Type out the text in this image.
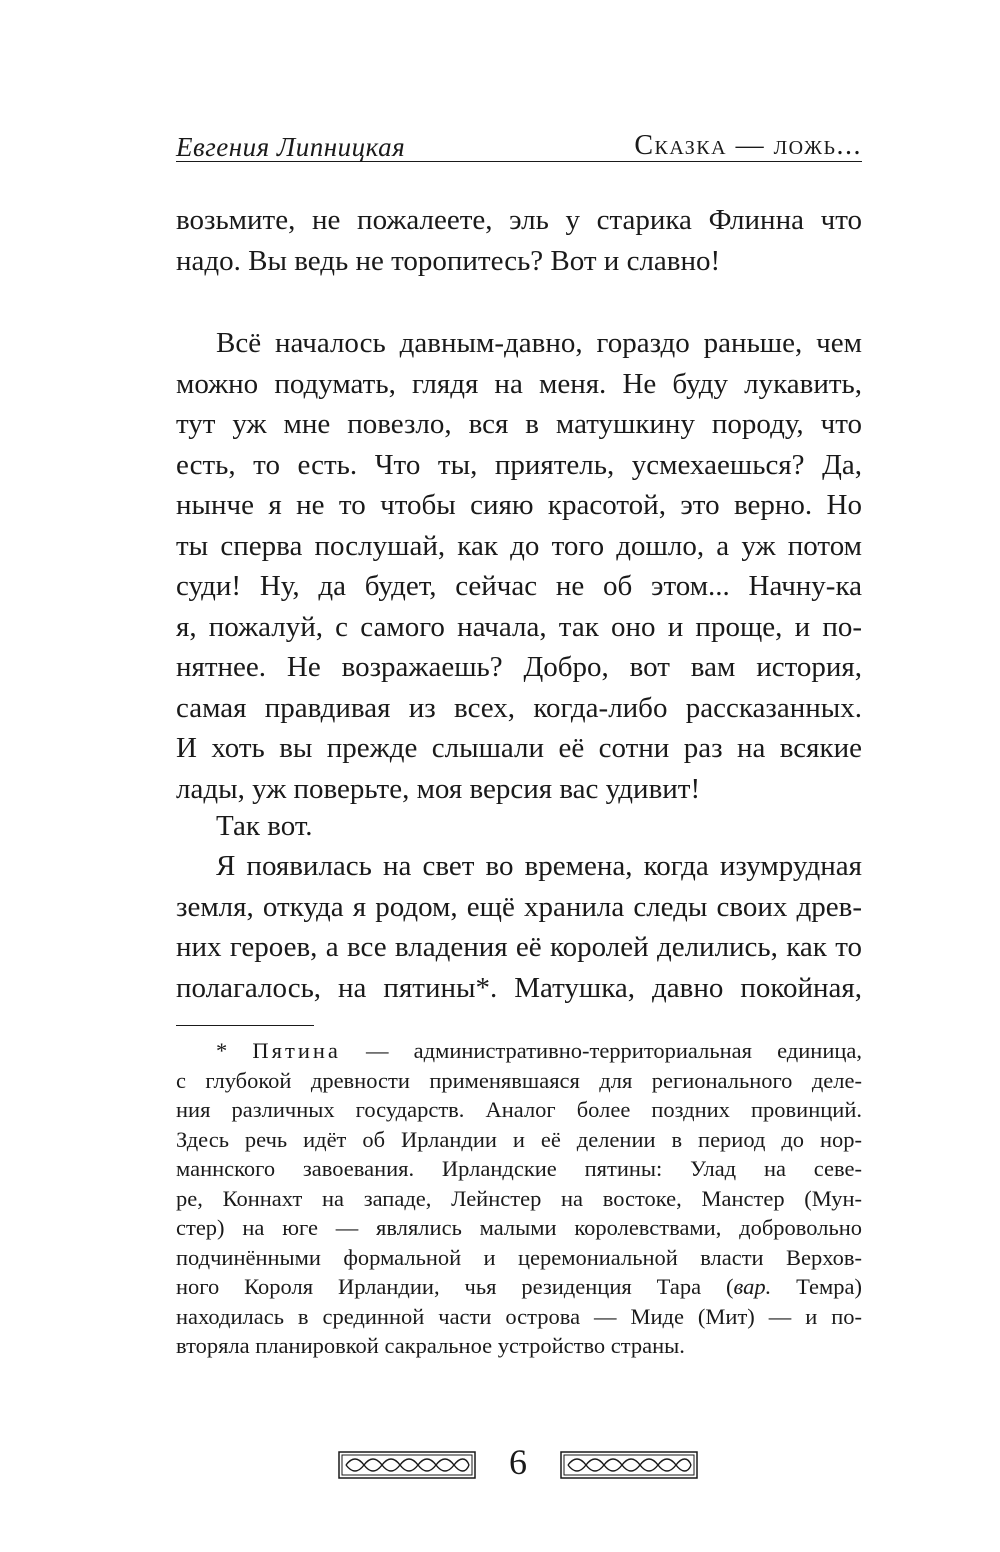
Евгения Липницкая	Сказка — ложь...

возьмите, не пожалеете, эль у старика Флинна что
надо. Вы ведь не торопитесь? Вот и славно!

Всё началось давным-давно, гораздо раньше, чем
можно подумать, глядя на меня. Не буду лукавить,
тут уж мне повезло, вся в матушкину породу, что
есть, то есть. Что ты, приятель, усмехаешься? Да,
нынче я не то чтобы сияю красотой, это верно. Но
ты сперва послушай, как до того дошло, а уж потом
суди! Ну, да будет, сейчас не об этом... Начну-ка
я, пожалуй, с самого начала, так оно и проще, и по-
нятнее. Не возражаешь? Добро, вот вам история,
самая правдивая из всех, когда-либо рассказанных.
И хоть вы прежде слышали её сотни раз на всякие
лады, уж поверьте, моя версия вас удивит!

Так вот.

Я появилась на свет во времена, когда изумрудная
земля, откуда я родом, ещё хранила следы своих древ-
них героев, а все владения её королей делились, как то
полагалось, на пятины*. Матушка, давно покойная,

* Пятина — административно-территориальная единица,
с глубокой древности применявшаяся для регионального деле-
ния различных государств. Аналог более поздних провинций.
Здесь речь идёт об Ирландии и её делении в период до нор-
маннского завоевания. Ирландские пятины: Улад на севе-
ре, Коннахт на западе, Лейнстер на востоке, Манстер (Мун-
стер) на юге — являлись малыми королевствами, добровольно
подчинёнными формальной и церемониальной власти Верхов-
ного Короля Ирландии, чья резиденция Тара (вар. Темра)
находилась в срединной части острова — Миде (Мит) — и по-
вторяла планировкой сакральное устройство страны.
6
